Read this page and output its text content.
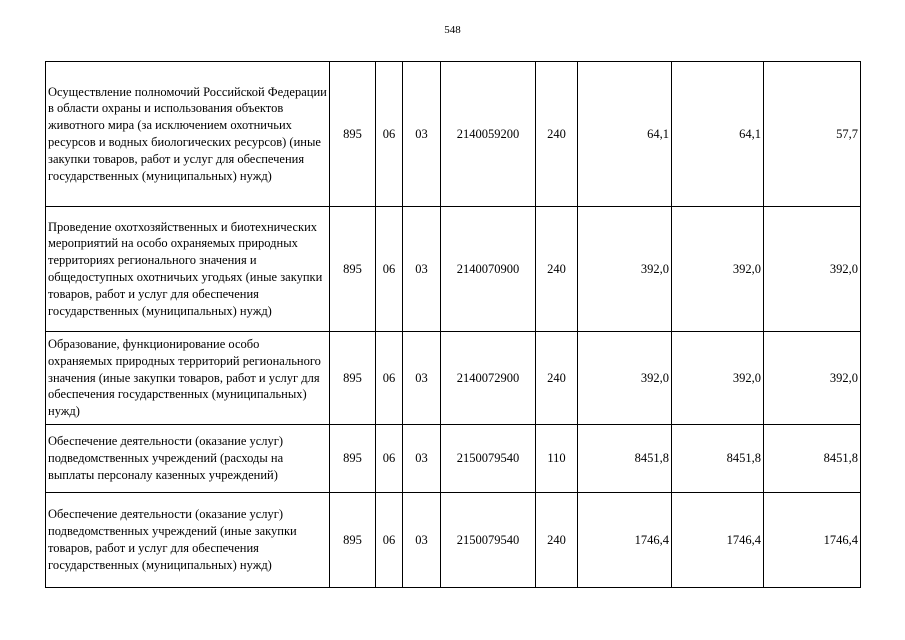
548
Осуществление полномочий Российской Федерации в области охраны и использования объектов животного мира (за исключением охотничьих ресурсов и водных биологических ресурсов) (иные закупки товаров, работ и услуг для обеспечения государственных (муниципальных) нужд)	895	06	03	2140059200	240	64,1	64,1	57,7
Проведение охотхозяйственных и биотехнических мероприятий на особо охраняемых природных территориях регионального значения и общедоступных охотничьих угодьях (иные закупки товаров, работ и услуг для обеспечения государственных (муниципальных) нужд)	895	06	03	2140070900	240	392,0	392,0	392,0
Образование, функционирование особо охраняемых природных территорий регионального значения (иные закупки товаров, работ и услуг для обеспечения государственных (муниципальных) нужд)	895	06	03	2140072900	240	392,0	392,0	392,0
Обеспечение деятельности (оказание услуг) подведомственных учреждений (расходы на выплаты персоналу казенных учреждений)	895	06	03	2150079540	110	8451,8	8451,8	8451,8
Обеспечение деятельности (оказание услуг) подведомственных учреждений (иные закупки товаров, работ и услуг для обеспечения государственных (муниципальных) нужд)	895	06	03	2150079540	240	1746,4	1746,4	1746,4
